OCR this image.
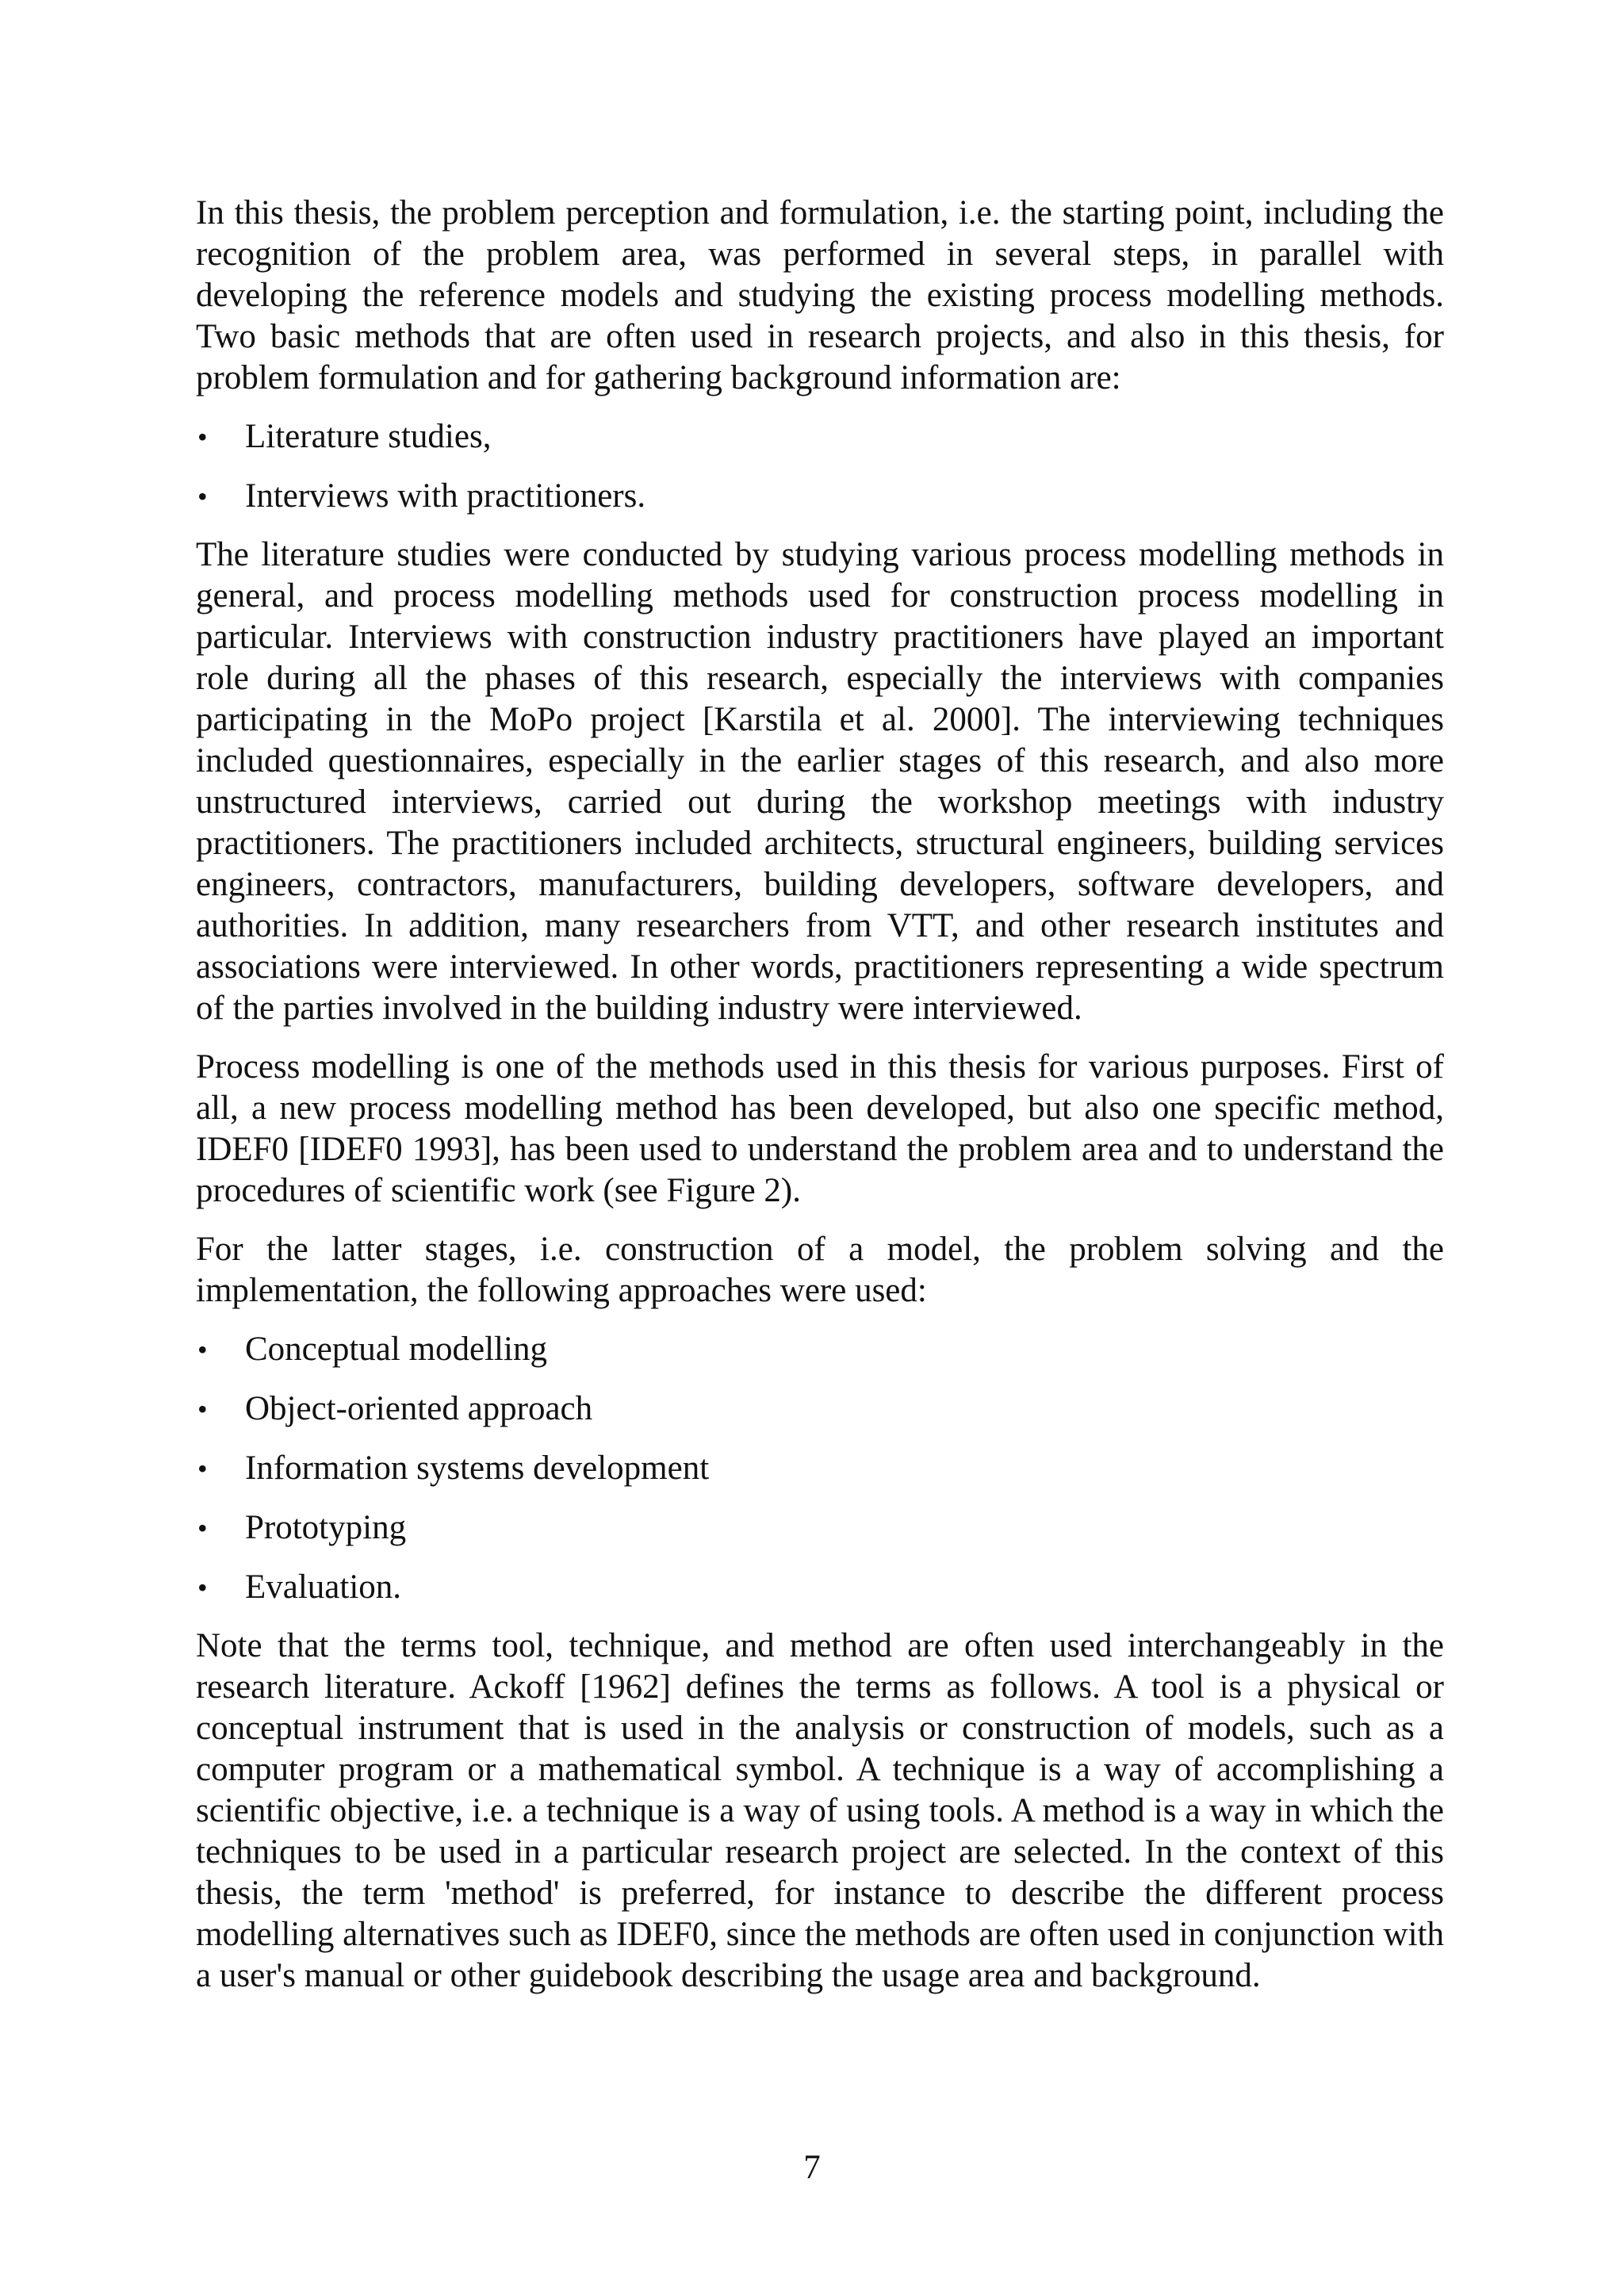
In this thesis, the problem perception and formulation, i.e. the starting point, including the recognition of the problem area, was performed in several steps, in parallel with developing the reference models and studying the existing process modelling methods. Two basic methods that are often used in research projects, and also in this thesis, for problem formulation and for gathering background information are:

•	Literature studies,
•	Interviews with practitioners.

The literature studies were conducted by studying various process modelling methods in general, and process modelling methods used for construction process modelling in particular. Interviews with construction industry practitioners have played an important role during all the phases of this research, especially the interviews with companies participating in the MoPo project [Karstila et al. 2000]. The interviewing techniques included questionnaires, especially in the earlier stages of this research, and also more unstructured interviews, carried out during the workshop meetings with industry practitioners. The practitioners included architects, structural engineers, building services engineers, contractors, manufacturers, building developers, software developers, and authorities. In addition, many researchers from VTT, and other research institutes and associations were interviewed. In other words, practitioners representing a wide spectrum of the parties involved in the building industry were interviewed.

Process modelling is one of the methods used in this thesis for various purposes. First of all, a new process modelling method has been developed, but also one specific method, IDEF0 [IDEF0 1993], has been used to understand the problem area and to understand the procedures of scientific work (see Figure 2).

For the latter stages, i.e. construction of a model, the problem solving and the implementation, the following approaches were used:

•	Conceptual modelling
•	Object-oriented approach
•	Information systems development
•	Prototyping
•	Evaluation.

Note that the terms tool, technique, and method are often used interchangeably in the research literature. Ackoff [1962] defines the terms as follows. A tool is a physical or conceptual instrument that is used in the analysis or construction of models, such as a computer program or a mathematical symbol. A technique is a way of accomplishing a scientific objective, i.e. a technique is a way of using tools. A method is a way in which the techniques to be used in a particular research project are selected. In the context of this thesis, the term 'method' is preferred, for instance to describe the different process modelling alternatives such as IDEF0, since the methods are often used in conjunction with a user's manual or other guidebook describing the usage area and background.

7
